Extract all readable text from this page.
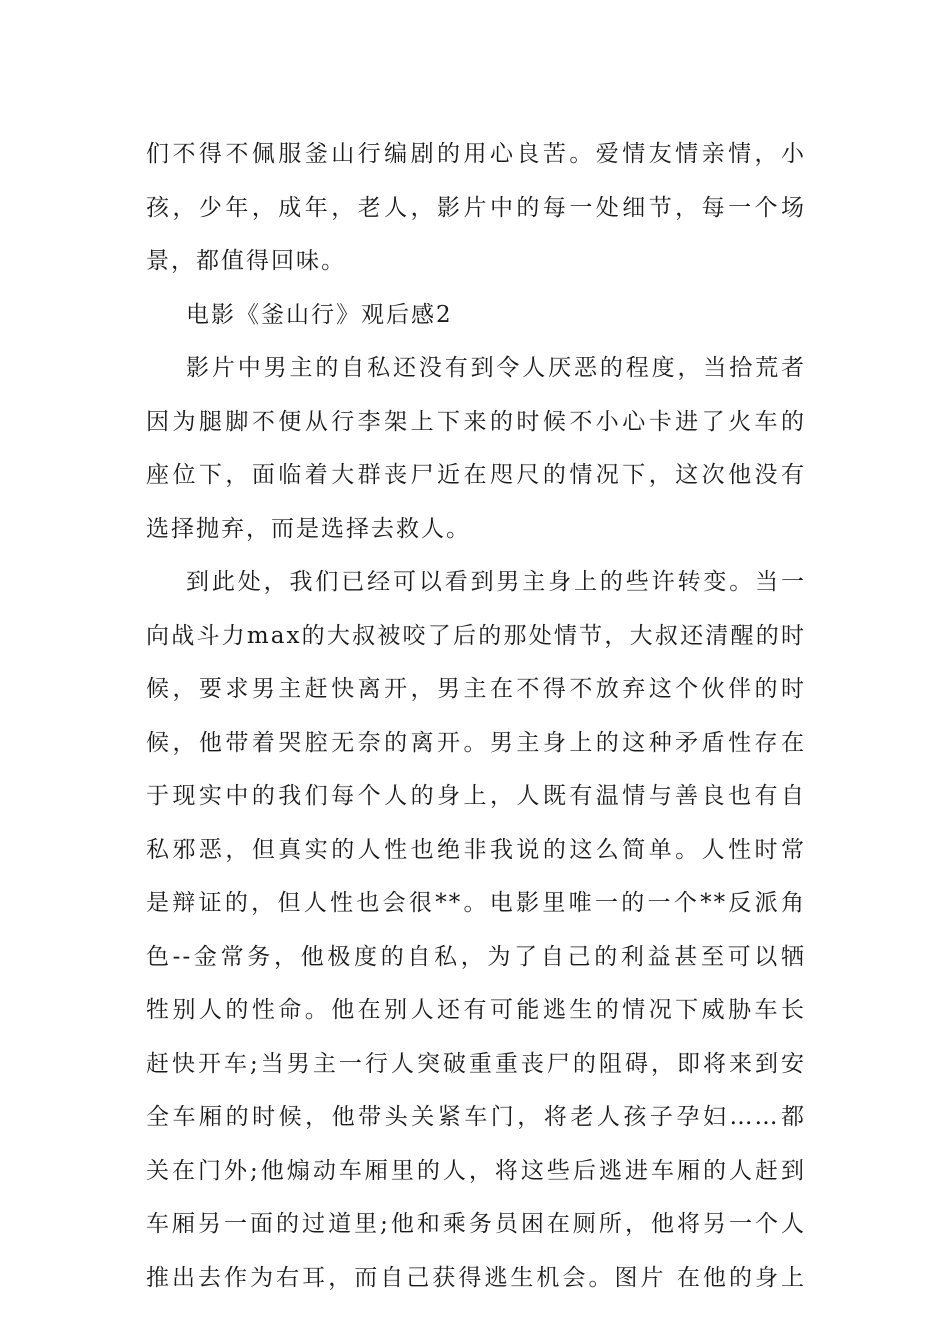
们不得不佩服釜山行编剧的用心良苦。爱情友情亲情，小
孩，少年，成年，老人，影片中的每一处细节，每一个场
景，都值得回味。
电影《釜山行》观后感2
影片中男主的自私还没有到令人厌恶的程度，当拾荒者
因为腿脚不便从行李架上下来的时候不小心卡进了火车的
座位下，面临着大群丧尸近在咫尺的情况下，这次他没有
选择抛弃，而是选择去救人。
到此处，我们已经可以看到男主身上的些许转变。当一
向战斗力max的大叔被咬了后的那处情节，大叔还清醒的时
候，要求男主赶快离开，男主在不得不放弃这个伙伴的时
候，他带着哭腔无奈的离开。男主身上的这种矛盾性存在
于现实中的我们每个人的身上，人既有温情与善良也有自
私邪恶，但真实的人性也绝非我说的这么简单。人性时常
是辩证的，但人性也会很**。电影里唯一的一个**反派角
色--金常务，他极度的自私，为了自己的利益甚至可以牺
牲别人的性命。他在别人还有可能逃生的情况下威胁车长
赶快开车;当男主一行人突破重重丧尸的阻碍，即将来到安
全车厢的时候，他带头关紧车门，将老人孩子孕妇……都
关在门外;他煽动车厢里的人，将这些后逃进车厢的人赶到
车厢另一面的过道里;他和乘务员困在厕所，他将另一个人
推出去作为右耳，而自己获得逃生机会。图片 在他的身上
